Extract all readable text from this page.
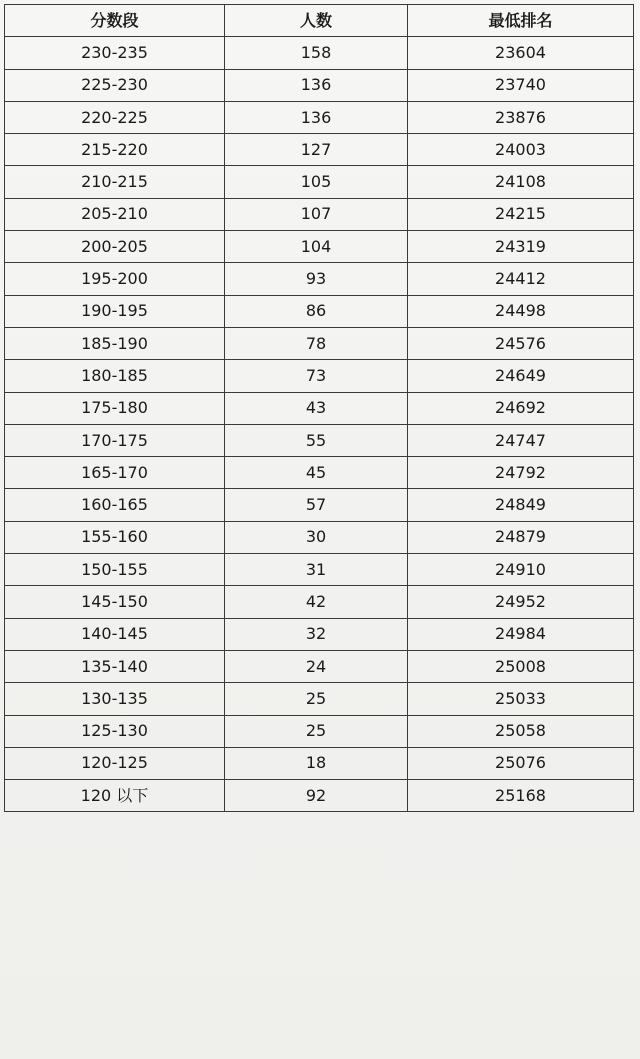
分数段	人数	最低排名
230-235	158	23604
225-230	136	23740
220-225	136	23876
215-220	127	24003
210-215	105	24108
205-210	107	24215
200-205	104	24319
195-200	93	24412
190-195	86	24498
185-190	78	24576
180-185	73	24649
175-180	43	24692
170-175	55	24747
165-170	45	24792
160-165	57	24849
155-160	30	24879
150-155	31	24910
145-150	42	24952
140-145	32	24984
135-140	24	25008
130-135	25	25033
125-130	25	25058
120-125	18	25076
120 以下	92	25168
